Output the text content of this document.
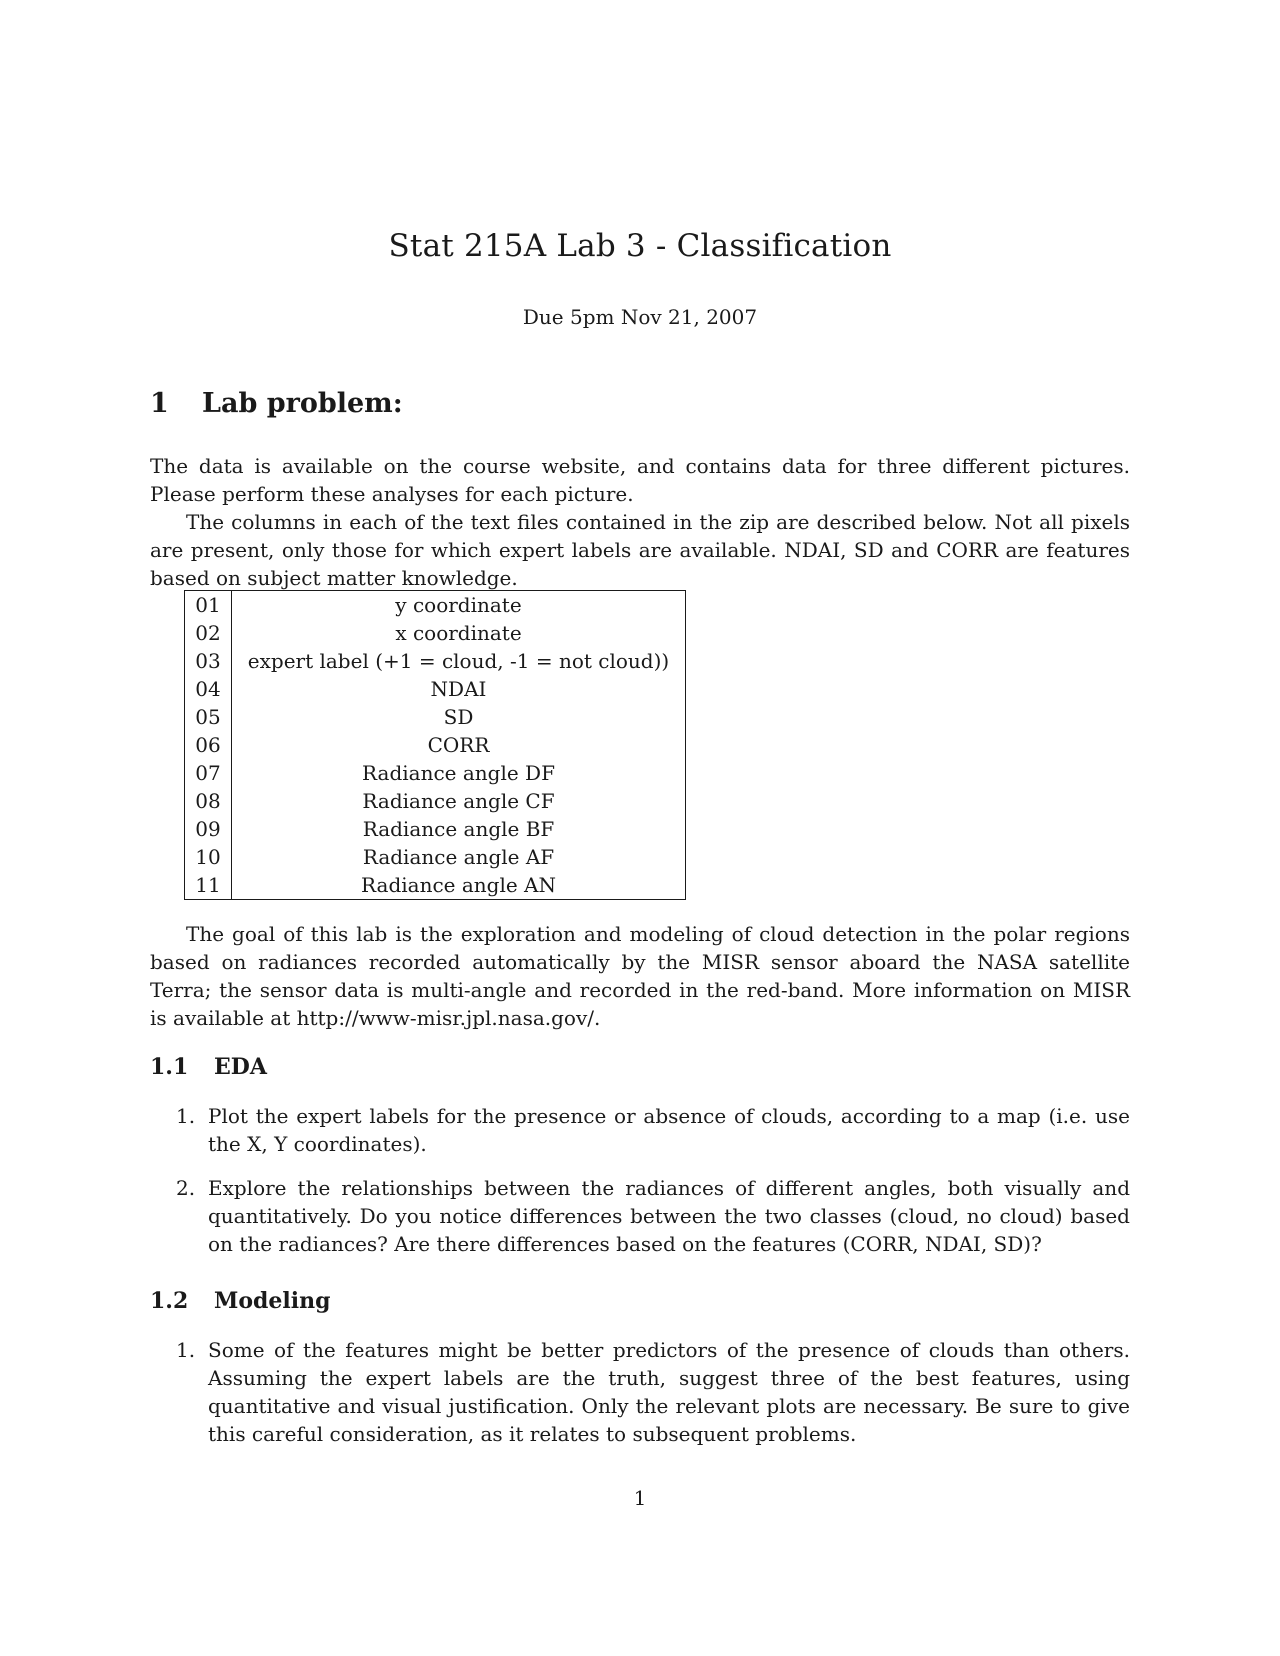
Stat 215A Lab 3 - Classification
Due 5pm Nov 21, 2007
1 Lab problem:

The data is available on the course website, and contains data for three different pictures. Please perform these analyses for each picture.

The columns in each of the text files contained in the zip are described below. Not all pixels are present, only those for which expert labels are available. NDAI, SD and CORR are features based on subject matter knowledge.

01	y coordinate
02	x coordinate
03	expert label (+1 = cloud, -1 = not cloud))
04	NDAI
05	SD
06	CORR
07	Radiance angle DF
08	Radiance angle CF
09	Radiance angle BF
10	Radiance angle AF
11	Radiance angle AN

The goal of this lab is the exploration and modeling of cloud detection in the polar regions based on radiances recorded automatically by the MISR sensor aboard the NASA satellite Terra; the sensor data is multi-angle and recorded in the red-band. More information on MISR is available at http://www-misr.jpl.nasa.gov/.

1.1 EDA
1. Plot the expert labels for the presence or absence of clouds, according to a map (i.e. use the X, Y coordinates).
2. Explore the relationships between the radiances of different angles, both visually and quantitatively. Do you notice differences between the two classes (cloud, no cloud) based on the radiances? Are there differences based on the features (CORR, NDAI, SD)?
1.2 Modeling
1. Some of the features might be better predictors of the presence of clouds than others. Assuming the expert labels are the truth, suggest three of the best features, using quantitative and visual justification. Only the relevant plots are necessary. Be sure to give this careful consideration, as it relates to subsequent problems.
1
